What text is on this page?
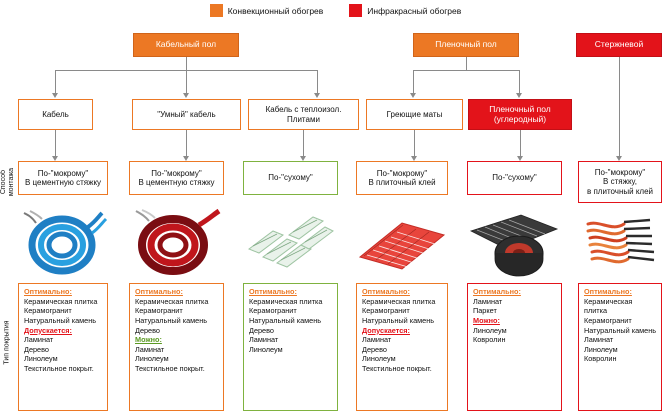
Конвекционный обогрев	Инфракрасный обогрев
Кабельный пол	Пленочный пол	Стержневой
Кабель	"Умный" кабель
Кабель с теплоизол.
Плитами
Греющие маты
Пленочный пол
(углеродный)
По-"мокрому"
В цементную стяжку
По-"мокрому"
В цементную стяжку
По-"сухому"
По-"мокрому"
В плиточный клей
По-"сухому"
По-"мокрому"
В стяжку,
в плиточный клей
Способ монтажа
Тип покрытия
Оптимально:
Керамическая плитка
Керамогранит
Натуральный камень
Допускается:
Ламинат
Дерево
Линолеум
Текстильное покрыт.
Оптимально:
Керамическая плитка
Керамогранит
Натуральный камень
Дерево
Можно:
Ламинат
Линолеум
Текстильное покрыт.
Оптимально:
Керамическая плитка
Керамогранит
Натуральный камень
Дерево
Ламинат
Линолеум
Оптимально:
Керамическая плитка
Керамогранит
Натуральный камень
Допускается:
Ламинат
Дерево
Линолеум
Текстильное покрыт.
Оптимально:
Ламинат
Паркет
Можно:
Линолеум
Ковролин
Оптимально:
Керамическая плитка
Керамогранит
Натуральный камень
Ламинат
Линолеум
Ковролин
